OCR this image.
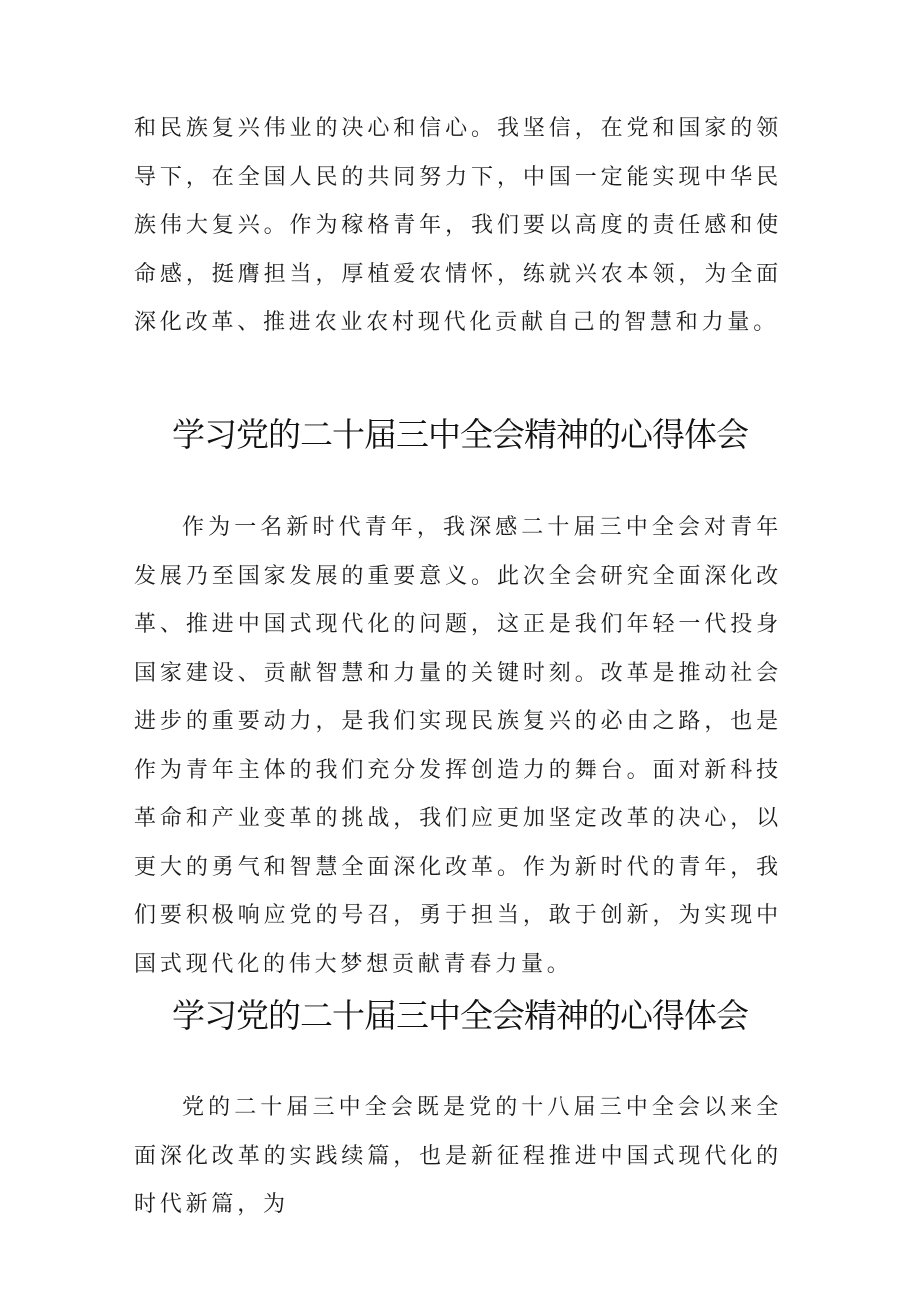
和民族复兴伟业的决心和信心。我坚信，在党和国家的领导下，在全国人民的共同努力下，中国一定能实现中华民族伟大复兴。作为稼格青年，我们要以高度的责任感和使命感，挺膺担当，厚植爱农情怀，练就兴农本领，为全面深化改革、推进农业农村现代化贡献自己的智慧和力量。

学习党的二十届三中全会精神的心得体会

作为一名新时代青年，我深感二十届三中全会对青年发展乃至国家发展的重要意义。此次全会研究全面深化改革、推进中国式现代化的问题，这正是我们年轻一代投身国家建设、贡献智慧和力量的关键时刻。改革是推动社会进步的重要动力，是我们实现民族复兴的必由之路，也是作为青年主体的我们充分发挥创造力的舞台。面对新科技革命和产业变革的挑战，我们应更加坚定改革的决心，以更大的勇气和智慧全面深化改革。作为新时代的青年，我们要积极响应党的号召，勇于担当，敢于创新，为实现中国式现代化的伟大梦想贡献青春力量。

学习党的二十届三中全会精神的心得体会

党的二十届三中全会既是党的十八届三中全会以来全面深化改革的实践续篇，也是新征程推进中国式现代化的时代新篇，为
